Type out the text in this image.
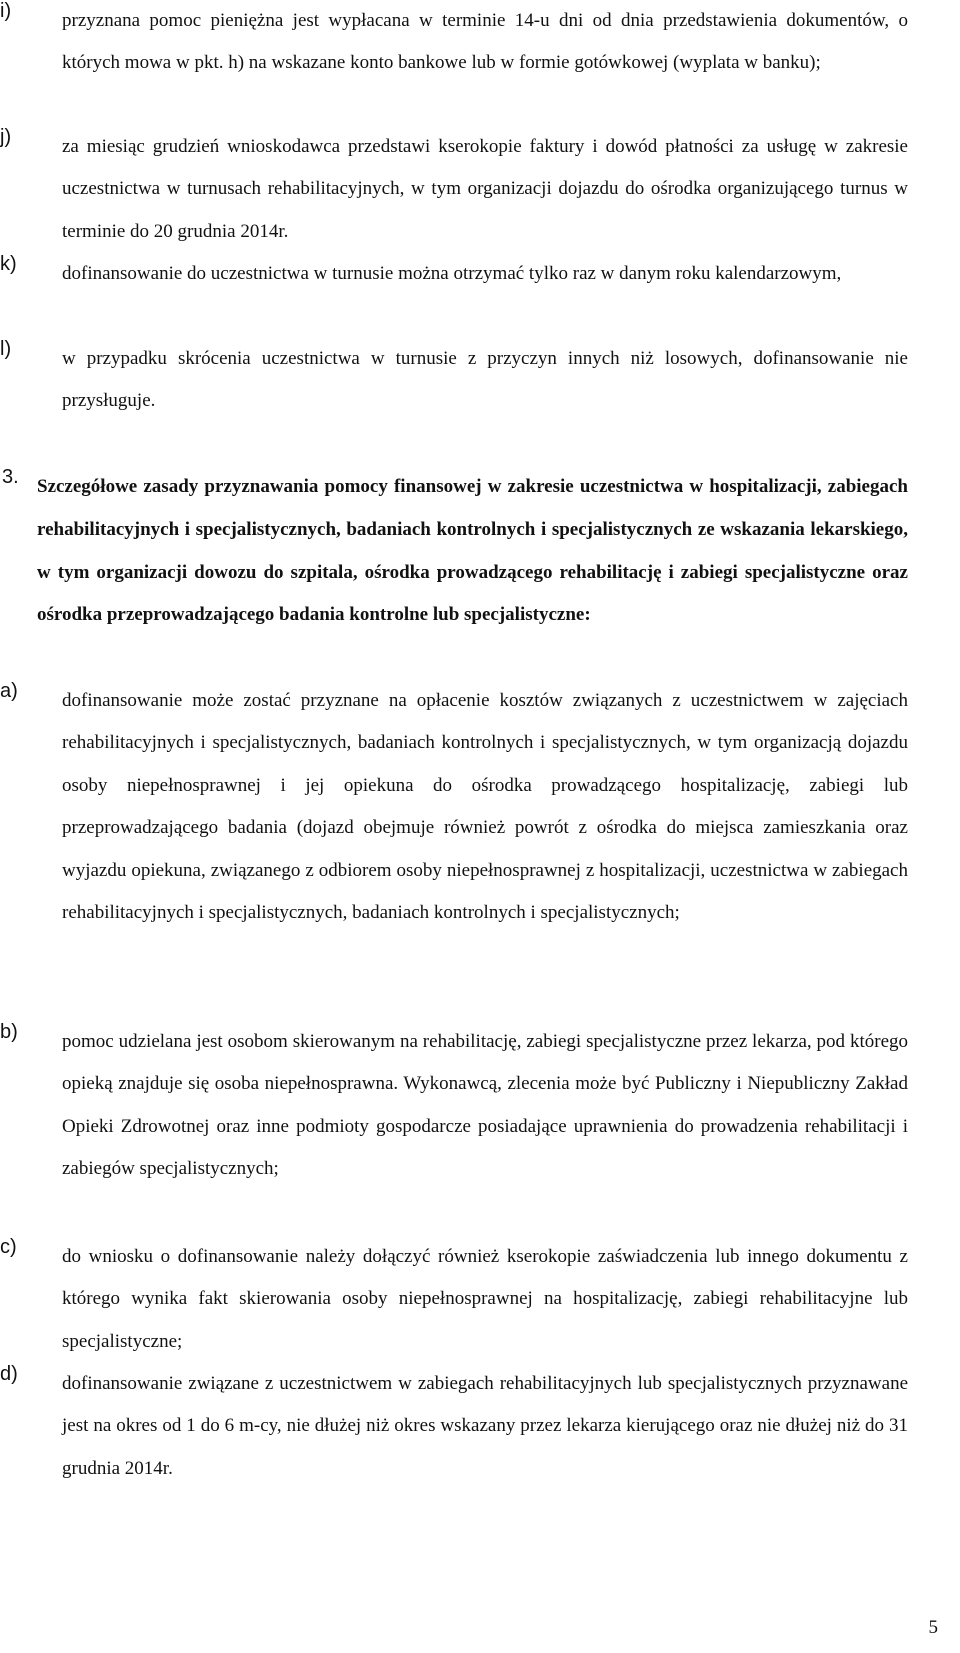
i)	przyznana pomoc pieniężna jest wypłacana w terminie 14-u dni od dnia przedstawienia dokumentów, o których mowa w pkt. h) na wskazane konto bankowe lub w formie gotówkowej (wyplata w banku);

j)	za miesiąc grudzień wnioskodawca przedstawi kserokopie faktury i dowód płatności za usługę w zakresie uczestnictwa w turnusach rehabilitacyjnych, w tym organizacji dojazdu do ośrodka organizującego turnus w terminie do 20 grudnia 2014r.

k) dofinansowanie do uczestnictwa w turnusie można otrzymać tylko raz w danym roku kalendarzowym,

l)	w przypadku skrócenia uczestnictwa w turnusie z przyczyn innych niż losowych, dofinansowanie nie przysługuje.

3. Szczegółowe zasady przyznawania pomocy finansowej w zakresie uczestnictwa w hospitalizacji, zabiegach rehabilitacyjnych i specjalistycznych, badaniach kontrolnych i specjalistycznych ze wskazania lekarskiego, w tym organizacji dowozu do szpitala, ośrodka prowadzącego rehabilitację i zabiegi specjalistyczne oraz ośrodka przeprowadzającego badania kontrolne lub specjalistyczne:

a) dofinansowanie może zostać przyznane na opłacenie kosztów związanych z uczestnictwem w zajęciach rehabilitacyjnych i specjalistycznych, badaniach kontrolnych i specjalistycznych, w tym organizacją dojazdu osoby niepełnosprawnej i jej opiekuna do ośrodka prowadzącego hospitalizację, zabiegi lub przeprowadzającego badania (dojazd obejmuje również powrót z ośrodka do miejsca zamieszkania oraz wyjazdu opiekuna, związanego z odbiorem osoby niepełnosprawnej z hospitalizacji, uczestnictwa w zabiegach rehabilitacyjnych i specjalistycznych, badaniach kontrolnych i specjalistycznych;

b) pomoc udzielana jest osobom skierowanym na rehabilitację, zabiegi specjalistyczne przez lekarza, pod którego opieką znajduje się osoba niepełnosprawna. Wykonawcą, zlecenia może być Publiczny i Niepubliczny Zakład Opieki Zdrowotnej oraz inne podmioty gospodarcze posiadające uprawnienia do prowadzenia rehabilitacji i zabiegów specjalistycznych;

c) do wniosku o dofinansowanie należy dołączyć również kserokopie zaświadczenia lub innego dokumentu z którego wynika fakt skierowania osoby niepełnosprawnej na hospitalizację, zabiegi rehabilitacyjne lub specjalistyczne;

d) dofinansowanie związane z uczestnictwem w zabiegach rehabilitacyjnych lub specjalistycznych przyznawane jest na okres od 1 do 6 m-cy, nie dłużej niż okres wskazany przez lekarza kierującego oraz nie dłużej niż do 31 grudnia 2014r.

5
